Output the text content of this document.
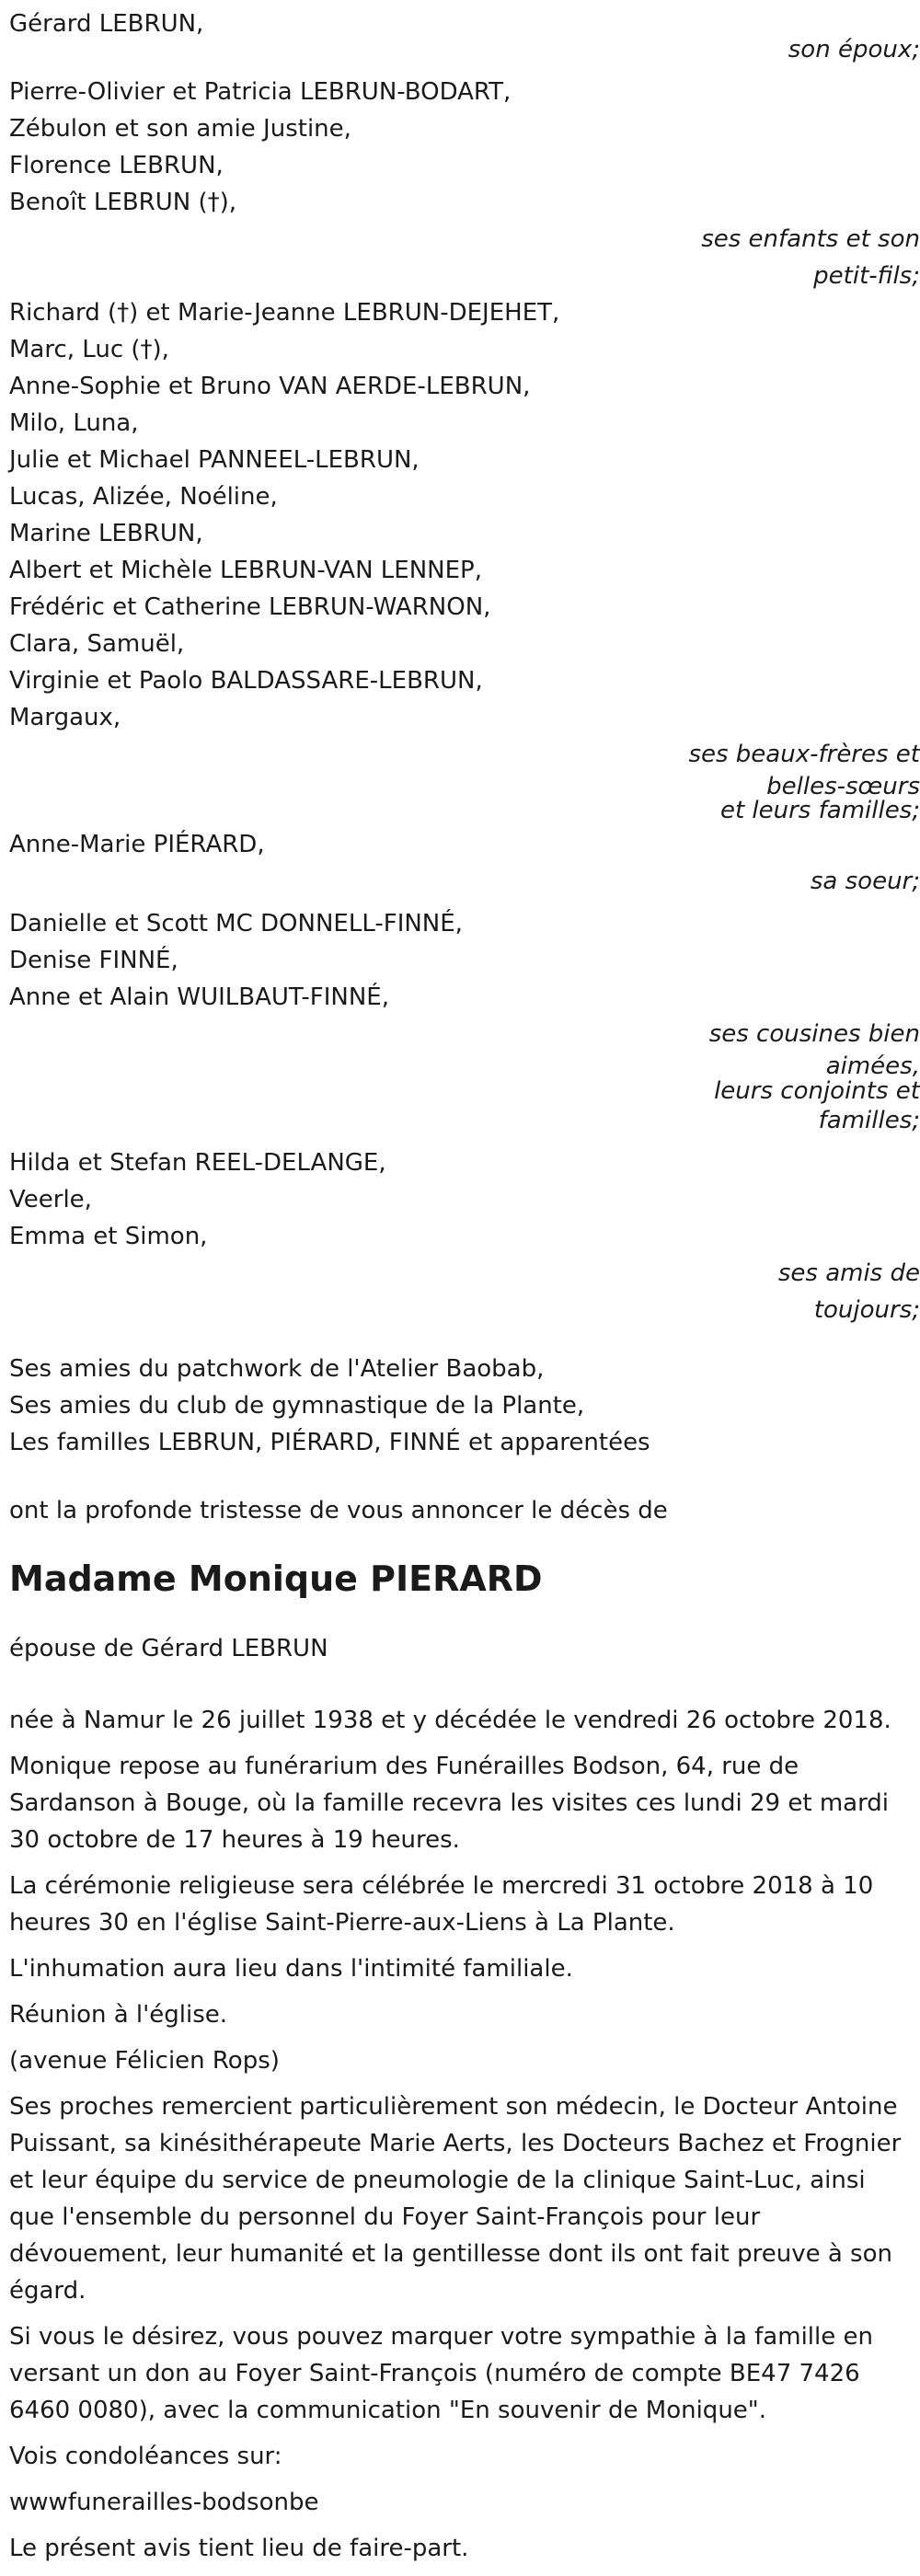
Gérard LEBRUN,
son époux;
Pierre-Olivier et Patricia LEBRUN-BODART,
Zébulon et son amie Justine,
Florence LEBRUN,
Benoît LEBRUN (†),
ses enfants et son
petit-fils;
Richard (†) et Marie-Jeanne LEBRUN-DEJEHET,
Marc, Luc (†),
Anne-Sophie et Bruno VAN AERDE-LEBRUN,
Milo, Luna,
Julie et Michael PANNEEL-LEBRUN,
Lucas, Alizée, Noéline,
Marine LEBRUN,
Albert et Michèle LEBRUN-VAN LENNEP,
Frédéric et Catherine LEBRUN-WARNON,
Clara, Samuël,
Virginie et Paolo BALDASSARE-LEBRUN,
Margaux,
ses beaux-frères et
belles-sœurs
et leurs familles;
Anne-Marie PIÉRARD,
sa soeur;
Danielle et Scott MC DONNELL-FINNÉ,
Denise FINNÉ,
Anne et Alain WUILBAUT-FINNÉ,
ses cousines bien
aimées,
leurs conjoints et
familles;
Hilda et Stefan REEL-DELANGE,
Veerle,
Emma et Simon,
ses amis de
toujours;
Ses amies du patchwork de l'Atelier Baobab,
Ses amies du club de gymnastique de la Plante,
Les familles LEBRUN, PIÉRARD, FINNÉ et apparentées
ont la profonde tristesse de vous annoncer le décès de
Madame Monique PIERARD
épouse de Gérard LEBRUN

née à Namur le 26 juillet 1938 et y décédée le vendredi 26 octobre 2018.

Monique repose au funérarium des Funérailles Bodson, 64, rue de Sardanson à Bouge, où la famille recevra les visites ces lundi 29 et mardi 30 octobre de 17 heures à 19 heures.

La cérémonie religieuse sera célébrée le mercredi 31 octobre 2018 à 10 heures 30 en l'église Saint-Pierre-aux-Liens à La Plante.

L'inhumation aura lieu dans l'intimité familiale.

Réunion à l'église.

(avenue Félicien Rops)

Ses proches remercient particulièrement son médecin, le Docteur Antoine Puissant, sa kinésithérapeute Marie Aerts, les Docteurs Bachez et Frognier et leur équipe du service de pneumologie de la clinique Saint-Luc, ainsi que l'ensemble du personnel du Foyer Saint-François pour leur dévouement, leur humanité et la gentillesse dont ils ont fait preuve à son égard.

Si vous le désirez, vous pouvez marquer votre sympathie à la famille en versant un don au Foyer Saint-François (numéro de compte BE47 7426 6460 0080), avec la communication "En souvenir de Monique".

Vois condoléances sur:

wwwfunerailles-bodsonbe

Le présent avis tient lieu de faire-part.
